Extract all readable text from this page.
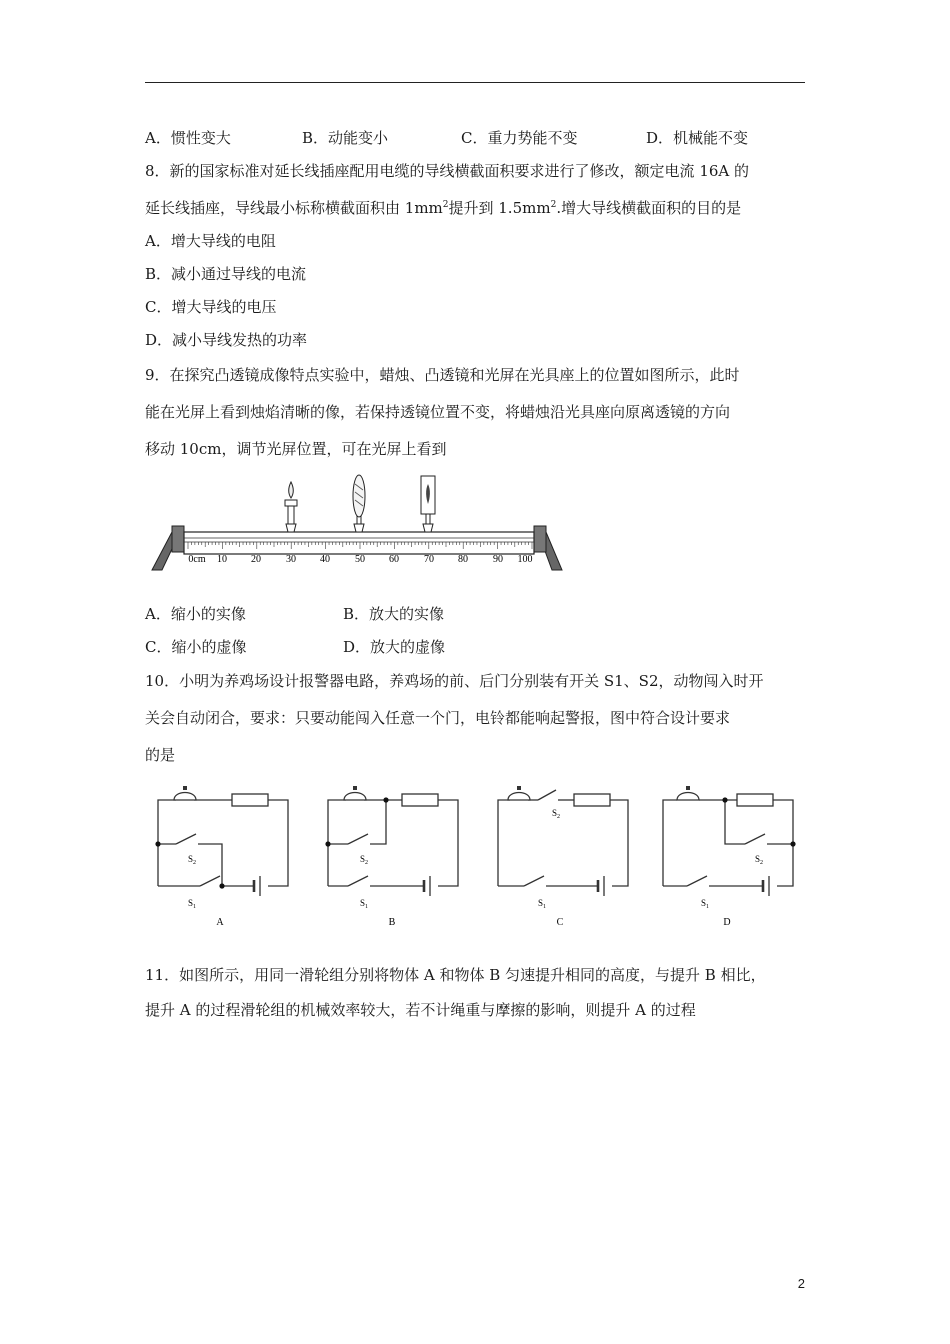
A．惯性变大	B．动能变小	C．重力势能不变	D．机械能不变
8．新的国家标准对延长线插座配用电缆的导线横截面积要求进行了修改，额定电流 16A 的
延长线插座，导线最小标称横截面积由 $1mm^2$提升到 $1.5mm^2$.增大导线横截面积的目的是
A．增大导线的电阻
B．减小通过导线的电流
C．增大导线的电压
D．减小导线发热的功率
9．在探究凸透镜成像特点实验中，蜡烛、凸透镜和光屏在光具座上的位置如图所示，此时
能在光屏上看到烛焰清晰的像，若保持透镜位置不变，将蜡烛沿光具座向原离透镜的方向
移动 10cm，调节光屏位置，可在光屏上看到
0cm 10 20	30 40	50 60	70 80	90 100
A．缩小的实像	B．放大的实像
C．缩小的虚像	D．放大的虚像
10．小明为养鸡场设计报警器电路，养鸡场的前、后门分别装有开关 S1、S2，动物闯入时开
关会自动闭合，要求：只要动能闯入任意一个门，电铃都能响起警报，图中符合设计要求
的是
$S_2$
$S_1$
A
$S_2$
$S_1$
B
$S_2$
$S_1$
C
$S_2$
$S_1$
D
11．如图所示，用同一滑轮组分别将物体 A 和物体 B 匀速提升相同的高度，与提升 B 相比，
提升 A 的过程滑轮组的机械效率较大，若不计绳重与摩擦的影响，则提升 A 的过程
2
